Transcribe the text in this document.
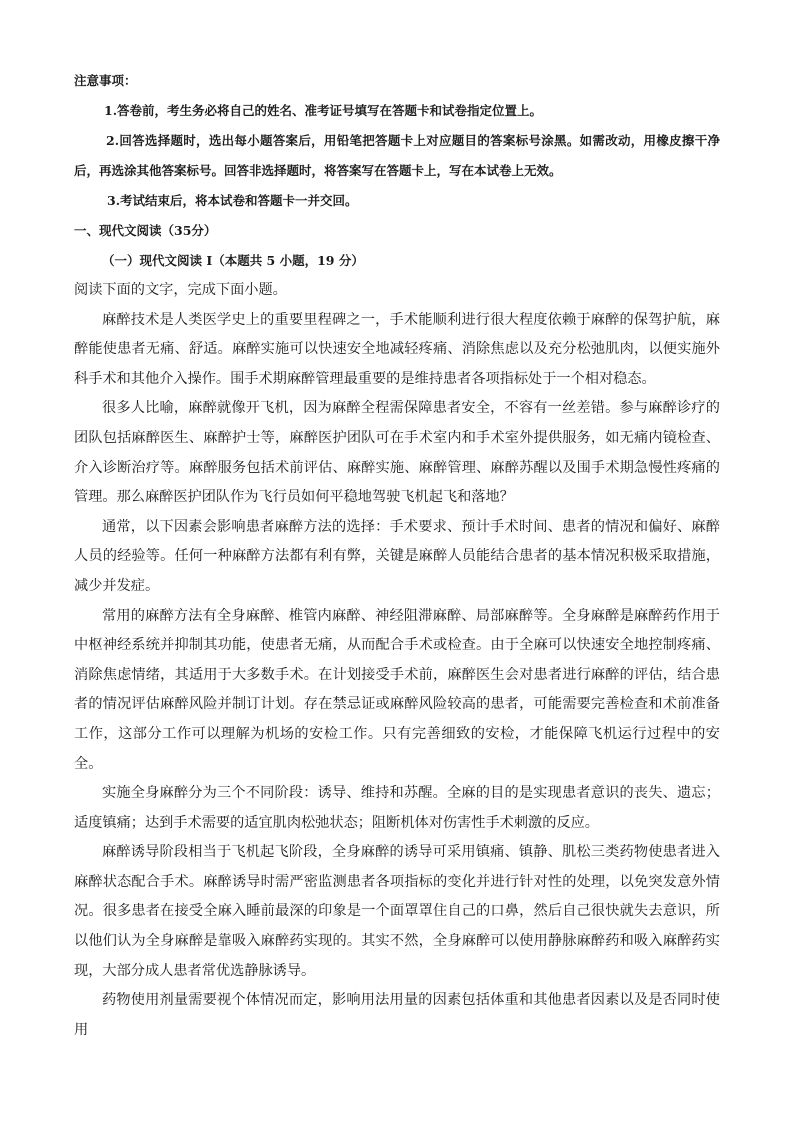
注意事项：
1.答卷前，考生务必将自己的姓名、准考证号填写在答题卡和试卷指定位置上。
2.回答选择题时，选出每小题答案后，用铅笔把答题卡上对应题目的答案标号涂黑。如需改动，用橡皮擦干净后，再选涂其他答案标号。回答非选择题时，将答案写在答题卡上，写在本试卷上无效。
3.考试结束后，将本试卷和答题卡一并交回。
一、现代文阅读（35分）
（一）现代文阅读 I（本题共 5 小题，19 分）

阅读下面的文字，完成下面小题。

麻醉技术是人类医学史上的重要里程碑之一，手术能顺利进行很大程度依赖于麻醉的保驾护航，麻醉能使患者无痛、舒适。麻醉实施可以快速安全地减轻疼痛、消除焦虑以及充分松弛肌肉，以便实施外科手术和其他介入操作。围手术期麻醉管理最重要的是维持患者各项指标处于一个相对稳态。

很多人比喻，麻醉就像开飞机，因为麻醉全程需保障患者安全，不容有一丝差错。参与麻醉诊疗的团队包括麻醉医生、麻醉护士等，麻醉医护团队可在手术室内和手术室外提供服务，如无痛内镜检查、介入诊断治疗等。麻醉服务包括术前评估、麻醉实施、麻醉管理、麻醉苏醒以及围手术期急慢性疼痛的管理。那么麻醉医护团队作为飞行员如何平稳地驾驶飞机起飞和落地？

通常，以下因素会影响患者麻醉方法的选择：手术要求、预计手术时间、患者的情况和偏好、麻醉人员的经验等。任何一种麻醉方法都有利有弊，关键是麻醉人员能结合患者的基本情况积极采取措施，减少并发症。

常用的麻醉方法有全身麻醉、椎管内麻醉、神经阻滞麻醉、局部麻醉等。全身麻醉是麻醉药作用于中枢神经系统并抑制其功能，使患者无痛，从而配合手术或检查。由于全麻可以快速安全地控制疼痛、消除焦虑情绪，其适用于大多数手术。在计划接受手术前，麻醉医生会对患者进行麻醉的评估，结合患者的情况评估麻醉风险并制订计划。存在禁忌证或麻醉风险较高的患者，可能需要完善检查和术前准备工作，这部分工作可以理解为机场的安检工作。只有完善细致的安检，才能保障飞机运行过程中的安全。

实施全身麻醉分为三个不同阶段：诱导、维持和苏醒。全麻的目的是实现患者意识的丧失、遗忘；适度镇痛；达到手术需要的适宜肌肉松弛状态；阻断机体对伤害性手术刺激的反应。

麻醉诱导阶段相当于飞机起飞阶段，全身麻醉的诱导可采用镇痛、镇静、肌松三类药物使患者进入麻醉状态配合手术。麻醉诱导时需严密监测患者各项指标的变化并进行针对性的处理，以免突发意外情况。很多患者在接受全麻入睡前最深的印象是一个面罩罩住自己的口鼻，然后自己很快就失去意识，所以他们认为全身麻醉是靠吸入麻醉药实现的。其实不然，全身麻醉可以使用静脉麻醉药和吸入麻醉药实现，大部分成人患者常优选静脉诱导。

药物使用剂量需要视个体情况而定，影响用法用量的因素包括体重和其他患者因素以及是否同时使用
